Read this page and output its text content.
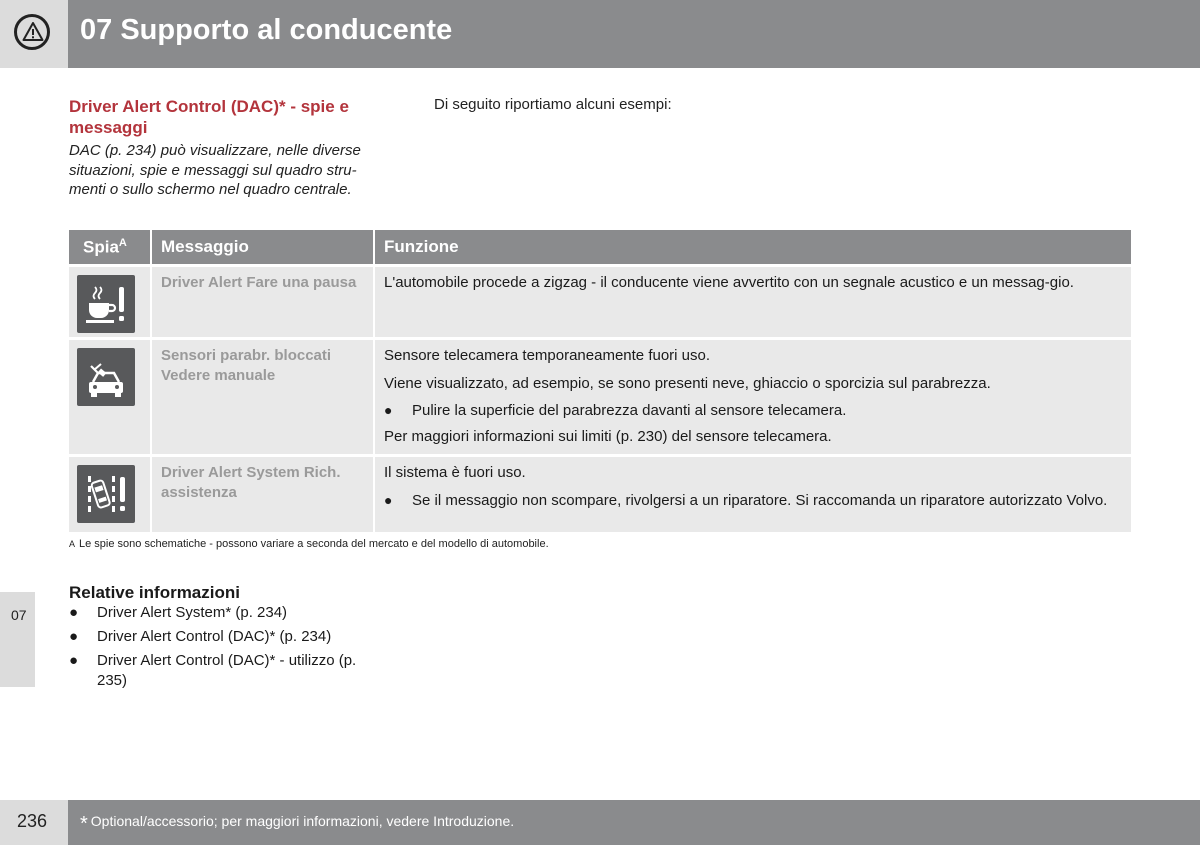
07 Supporto al conducente
Driver Alert Control (DAC)* - spie e messaggi
DAC (p. 234) può visualizzare, nelle diverse situazioni, spie e messaggi sul quadro stru-menti o sullo schermo nel quadro centrale.
Di seguito riportiamo alcuni esempi:
Spia$^A$	Messaggio	Funzione

	Driver Alert Fare una pausa	L'automobile procede a zigzag - il conducente viene avvertito con un segnale acustico e un messag-gio.

	Sensori parabr. bloccati Vedere manuale	Sensore telecamera temporaneamente fuori uso.
Viene visualizzato, ad esempio, se sono presenti neve, ghiaccio o sporcizia sul parabrezza.
● Pulire la superficie del parabrezza davanti al sensore telecamera.
Per maggiori informazioni sui limiti (p. 230) del sensore telecamera.

	Driver Alert System Rich. assistenza	Il sistema è fuori uso.
● Se il messaggio non scompare, rivolgersi a un riparatore. Si raccomanda un riparatore autorizzato Volvo.
A Le spie sono schematiche - possono variare a seconda del mercato e del modello di automobile.
Relative informazioni
●	Driver Alert System* (p. 234)
●	Driver Alert Control (DAC)* (p. 234)
●	Driver Alert Control (DAC)* - utilizzo (p. 235)
07
236 * Optional/accessorio; per maggiori informazioni, vedere Introduzione.
